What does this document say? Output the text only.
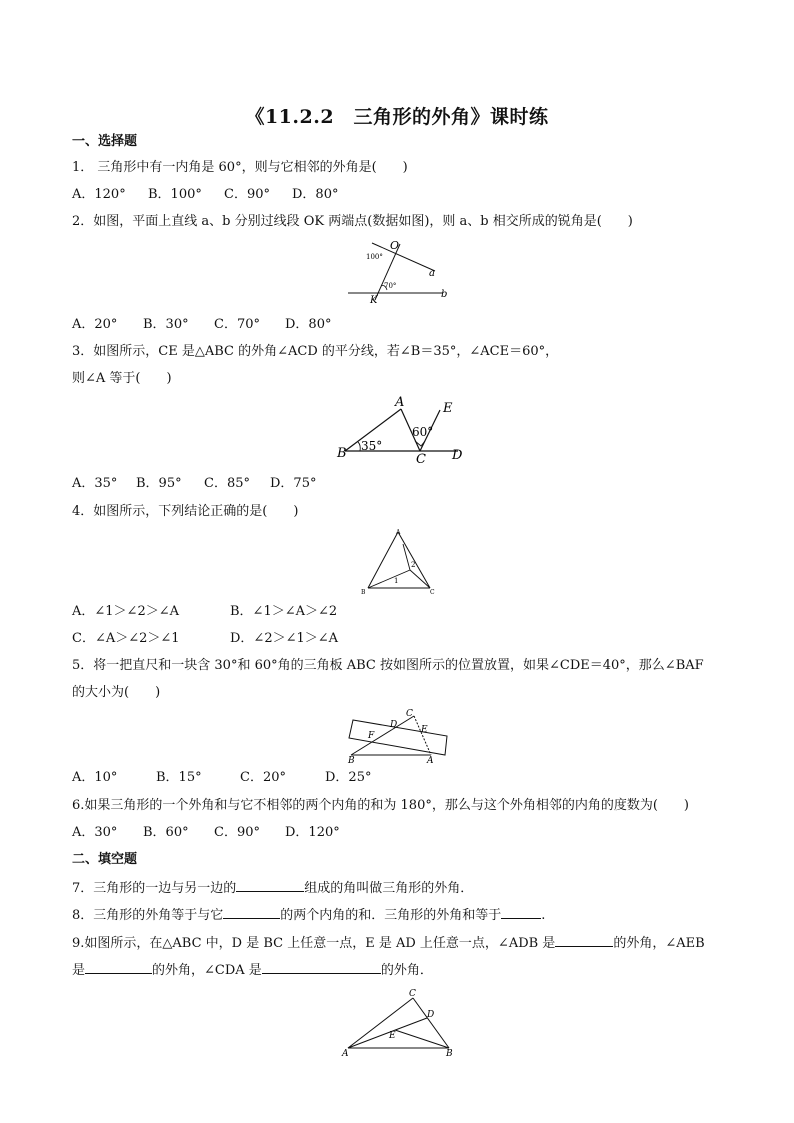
《11.2.2　三角形的外角》课时练
一、选择题
1． 三角形中有一内角是 60°，则与它相邻的外角是(　　)
A．120° B．100° C．90° D．80°
2．如图，平面上直线 a、b 分别过线段 OK 两端点(数据如图)，则 a、b 相交所成的锐角是(　　)
O
K
a
b
100°
70°
A．20° B．30° C．70° D．80°
3．如图所示，CE 是△ABC 的外角∠ACD 的平分线，若∠B＝35°，∠ACE＝60°，
则∠A 等于(　　)
A
B	C D
E
35°
60°
A．35° B．95° C．85° D．75°
4．如图所示，下列结论正确的是(　　)
A
B	C
1
2
A．∠1＞∠2＞∠A	B．∠1＞∠A＞∠2
C．∠A＞∠2＞∠1	D．∠2＞∠1＞∠A
5．将一把直尺和一块含 30°和 60°角的三角板 ABC 按如图所示的位置放置，如果∠CDE＝40°，那么∠BAF
的大小为(　　)
C
D	E
F
B	A
A．10°	B．15°	C．20°	D．25°
6.如果三角形的一个外角和与它不相邻的两个内角的和为 180°，那么与这个外角相邻的内角的度数为(　　)
A．30° B．60° C．90° D．120°
二、填空题
7．三角形的一边与另一边的	组成的角叫做三角形的外角．
8．三角形的外角等于与它	的两个内角的和．三角形的外角和等于	.
9.如图所示，在△ABC 中，D 是 BC 上任意一点，E 是 AD 上任意一点，∠ADB 是	的外角，∠AEB
是	的外角，∠CDA 是	的外角．
C
D
E
A	B
